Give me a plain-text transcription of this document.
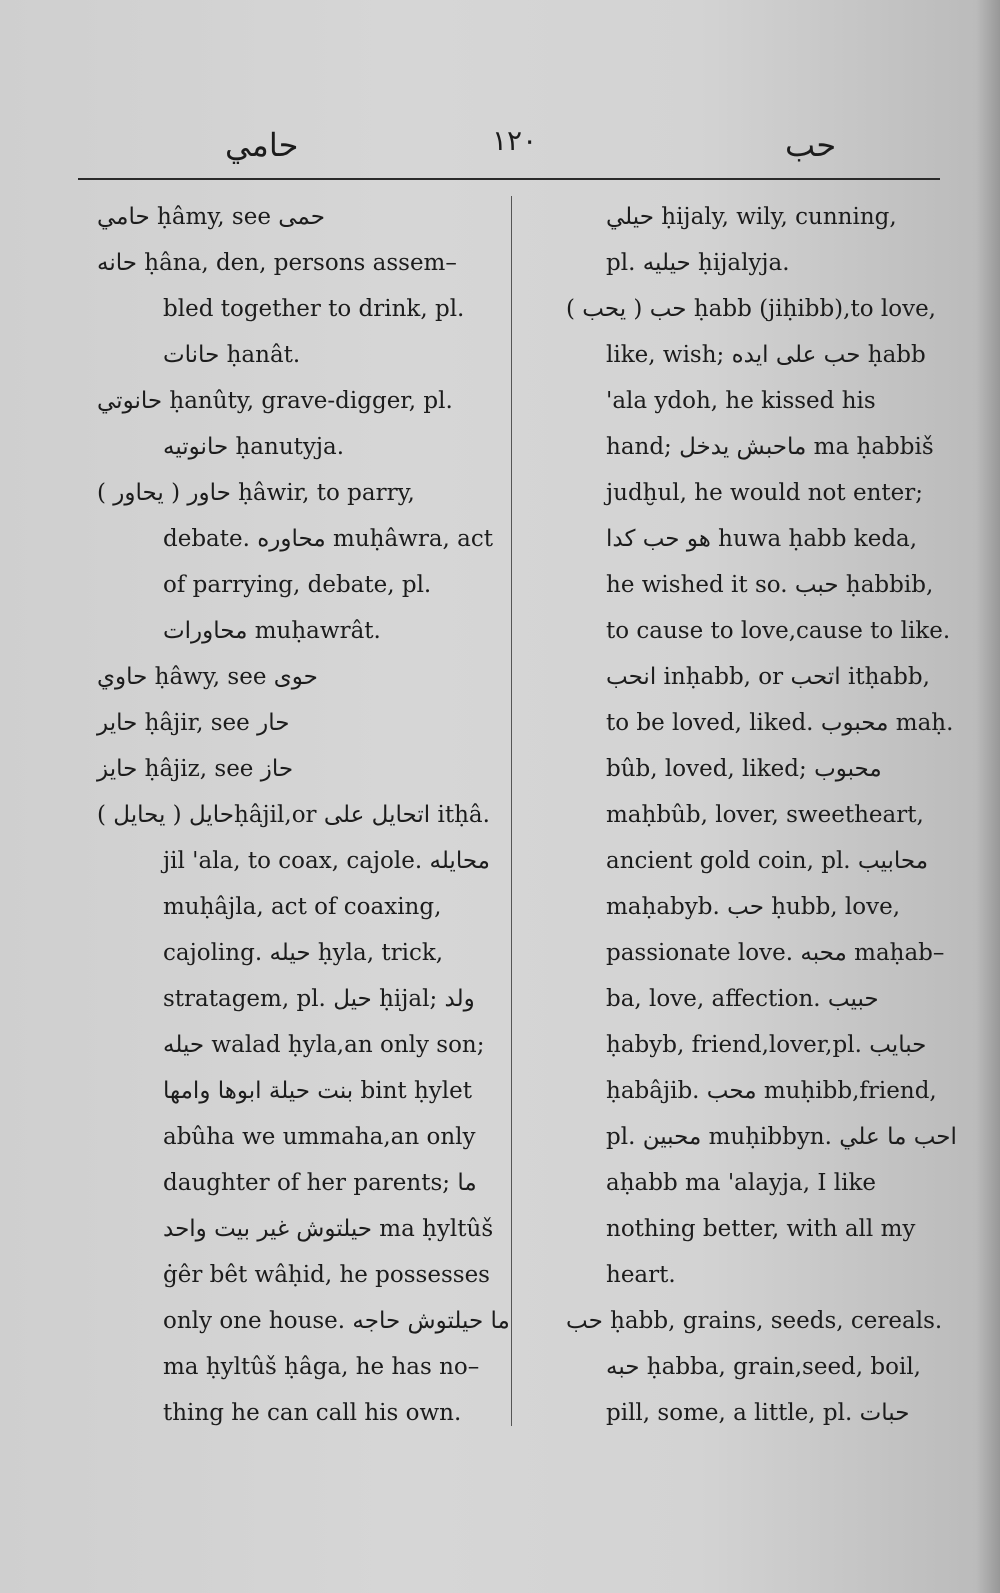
حامي	١٢٠	حب
حامي ḥâmy, see حمى
حانه ḥâna, den, persons assem–
bled together to drink, pl.
حانات ḥanât.
حانوتي ḥanûty, grave-digger, pl.
حانوتيه ḥanutyja.
حاور ( يحاور ) ḥâwir, to parry,
debate. محاوره muḥâwra, act
of parrying, debate, pl.
محاورات muḥawrât.
حاوي ḥâwy, see حوى
حاير ḥâjir, see حار
حايز ḥâjiz, see حاز
حايل ( يحايل )ḥâjil,or اتحايل على itḥâ.
jil 'ala, to coax, cajole. محايله
muḥâjla, act of coaxing,
cajoling. حيله ḥyla, trick,
stratagem, pl. حيل ḥijal; ولد
حيله walad ḥyla,an only son;
بنت حيلة ابوها وامها bint ḥylet
abûha we ummaha,an only
daughter of her parents; ما
حيلتوش غير بيت واحد ma ḥyltûš
ġêr bêt wâḥid, he possesses
only one house. ما حيلتوش حاجه
ma ḥyltûš ḥâga, he has no–
thing he can call his own.
حيلي ḥijaly, wily, cunning,
pl. حيليه ḥijalyja.
حب ( يحب ) ḥabb (jiḥibb),to love,
like, wish; حب على ايده ḥabb
'ala ydoh, he kissed his
hand; ماحبش يدخل ma ḥabbiš
judḫul, he would not enter;
هو حب كدا huwa ḥabb keda,
he wished it so. حبب ḥabbib,
to cause to love,cause to like.
انحب inḥabb, or اتحب itḥabb,
to be loved, liked. محبوب maḥ.
bûb, loved, liked; محبوب
maḥbûb, lover, sweetheart,
ancient gold coin, pl. محابيب
maḥabyb. حب ḥubb, love,
passionate love. محبه maḥab–
ba, love, affection. حبيب
ḥabyb, friend,lover,pl. حبايب
ḥabâjib. محب muḥibb,friend,
pl. محبين muḥibbyn. احب ما علي
aḥabb ma 'alayja, I like
nothing better, with all my
heart.
حب ḥabb, grains, seeds, cereals.
حبه ḥabba, grain,seed, boil,
pill, some, a little, pl. حبات
